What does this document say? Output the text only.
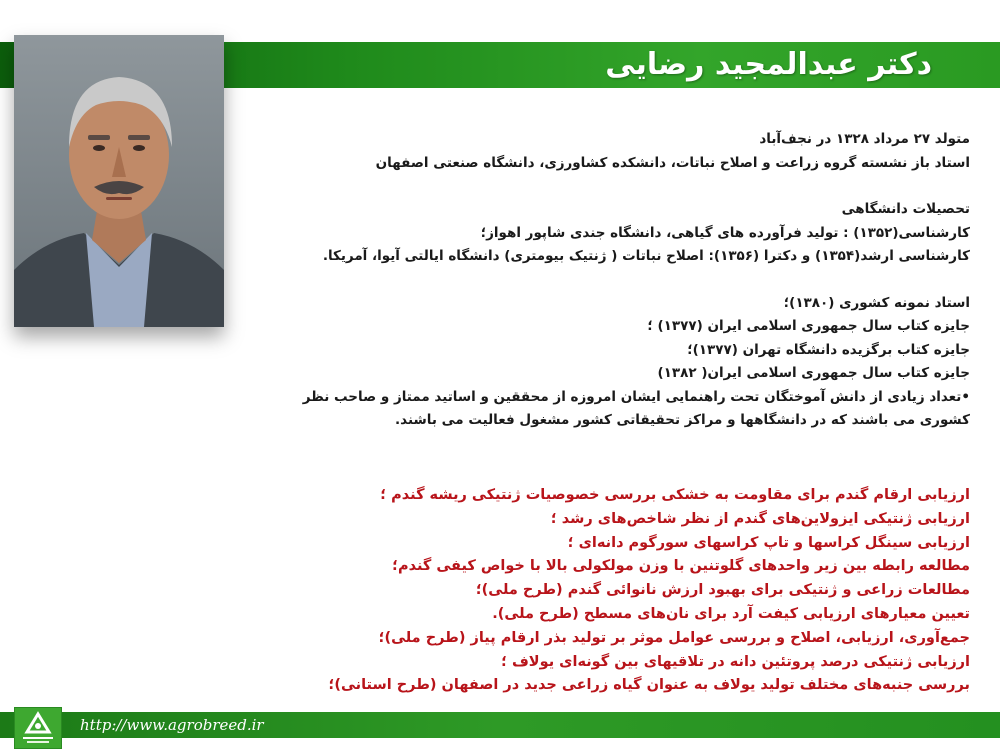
دکتر عبدالمجید رضایی
متولد ۲۷ مرداد ۱۳۲۸ در نجف‌آباد
استاد باز نشسته گروه زراعت و اصلاح نباتات، دانشکده کشاورزی، دانشگاه صنعتی اصفهان
تحصیلات دانشگاهی
کارشناسی(۱۳۵۲) : تولید فرآورده های گیاهی، دانشگاه جندی شاپور اهواز؛
کارشناسی ارشد(۱۳۵۴) و دکترا (۱۳۵۶): اصلاح نباتات ( ژنتیک بیومتری) دانشگاه ایالتی آیوا، آمریکا.
استاد نمونه کشوری (۱۳۸۰)؛
جایزه کتاب سال جمهوری اسلامی ایران (۱۳۷۷) ؛
جایزه کتاب برگزیده دانشگاه تهران (۱۳۷۷)؛
جایزه کتاب سال جمهوری اسلامی ایران( ۱۳۸۲)
•تعداد زیادی از دانش آموختگان تحت راهنمایی ایشان امروزه از محققین و اساتید ممتاز و صاحب نظر
کشوری می باشند که در دانشگاهها و مراکز تحقیقاتی کشور مشغول فعالیت می باشند.
ارزیابی ارقام گندم برای مقاومت به خشکی بررسی خصوصیات ژنتیکی ریشه گندم ؛
ارزیابی ژنتیکی ایزولاین‌های گندم از نظر شاخص‌های رشد ؛
ارزیابی سینگل کراسها و تاپ کراسهای سورگوم دانه‌ای ؛
مطالعه رابطه بین زیر واحدهای گلوتنین با وزن مولکولی بالا با خواص کیفی گندم؛
مطالعات زراعی و ژنتیکی برای بهبود ارزش نانوائی گندم (طرح ملی)؛
تعیین معیارهای ارزیابی کیفت آرد برای نان‌های مسطح (طرح ملی).
جمع‌آوری، ارزیابی، اصلاح و بررسی عوامل موثر بر تولید بذر ارقام پیاز (طرح ملی)؛
ارزیابی ژنتیکی درصد پروتئین دانه در تلاقیهای بین گونه‌ای یولاف ؛
بررسی جنبه‌های مختلف تولید یولاف به عنوان گیاه زراعی جدید در اصفهان (طرح استانی)؛
http://www.agrobreed.ir
